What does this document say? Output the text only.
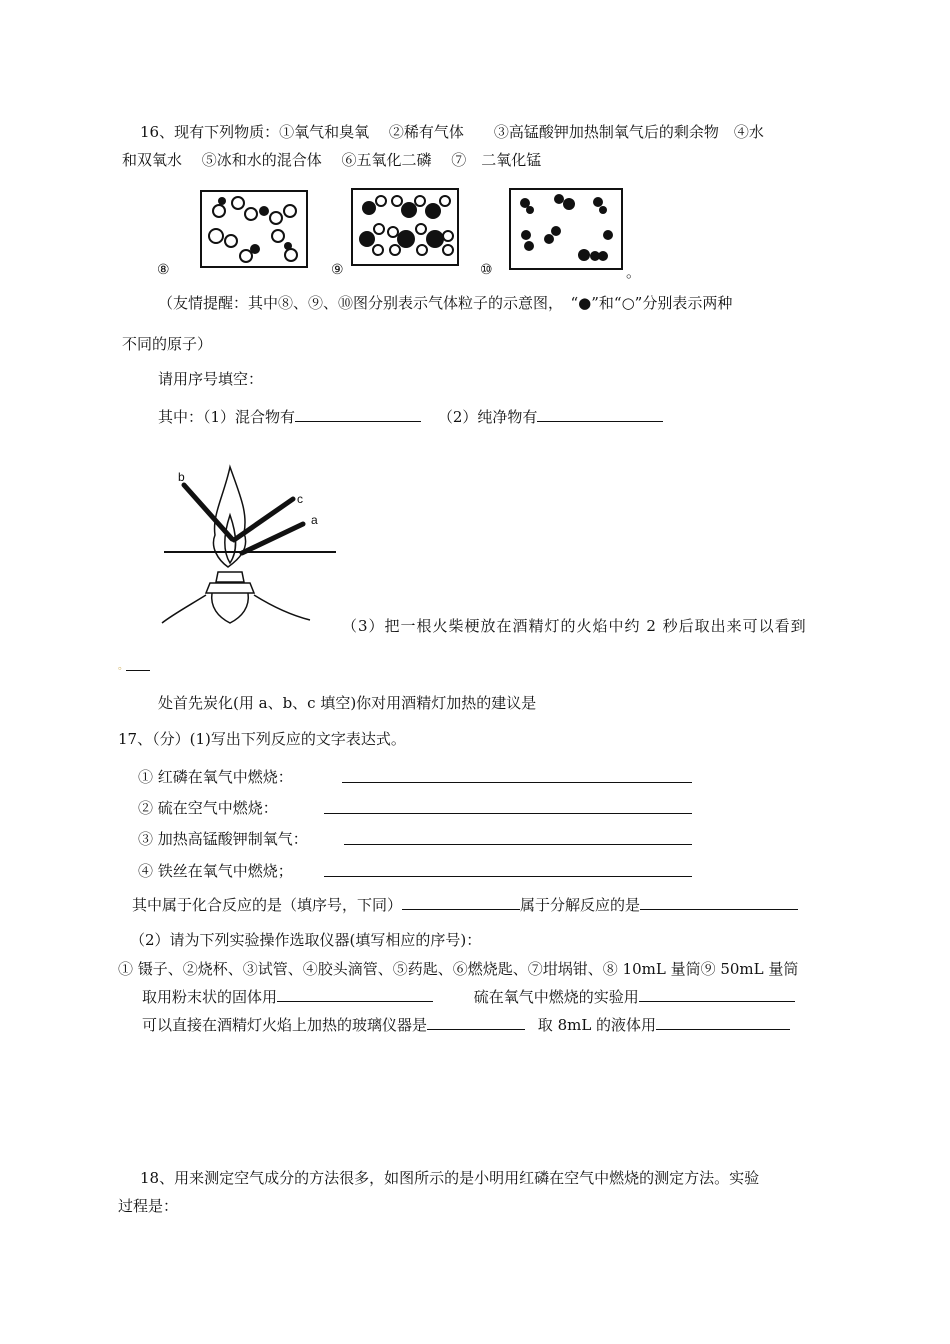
16、现有下列物质：①氧气和臭氧　 ②稀有气体　　③高锰酸钾加热制氧气后的剩余物　④水
和双氧水　 ⑤冰和水的混合体　 ⑥五氧化二磷　 ⑦　二氧化锰
⑧	⑨	⑩	。
（友情提醒：其中⑧、⑨、⑩图分别表示气体粒子的示意图，　“●”和“○”分别表示两种
不同的原子）
请用序号填空：
其中：（1）混合物有	（2）纯净物有
b
c
a
（3）把一根火柴梗放在酒精灯的火焰中约 2 秒后取出来可以看到
。
处首先炭化(用 a、b、c 填空)你对用酒精灯加热的建议是
17、（分）(1)写出下列反应的文字表达式。
① 红磷在氧气中燃烧：
② 硫在空气中燃烧：
③ 加热高锰酸钾制氧气：
④ 铁丝在氧气中燃烧；
其中属于化合反应的是（填序号，下同）	属于分解反应的是
（2）请为下列实验操作选取仪器(填写相应的序号)：
① 镊子、②烧杯、③试管、④胶头滴管、⑤药匙、⑥燃烧匙、⑦坩埚钳、⑧ 10mL 量筒⑨ 50mL 量筒
取用粉末状的固体用	硫在氧气中燃烧的实验用
可以直接在酒精灯火焰上加热的玻璃仪器是	取 8mL 的液体用
18、用来测定空气成分的方法很多，如图所示的是小明用红磷在空气中燃烧的测定方法。实验
过程是：
